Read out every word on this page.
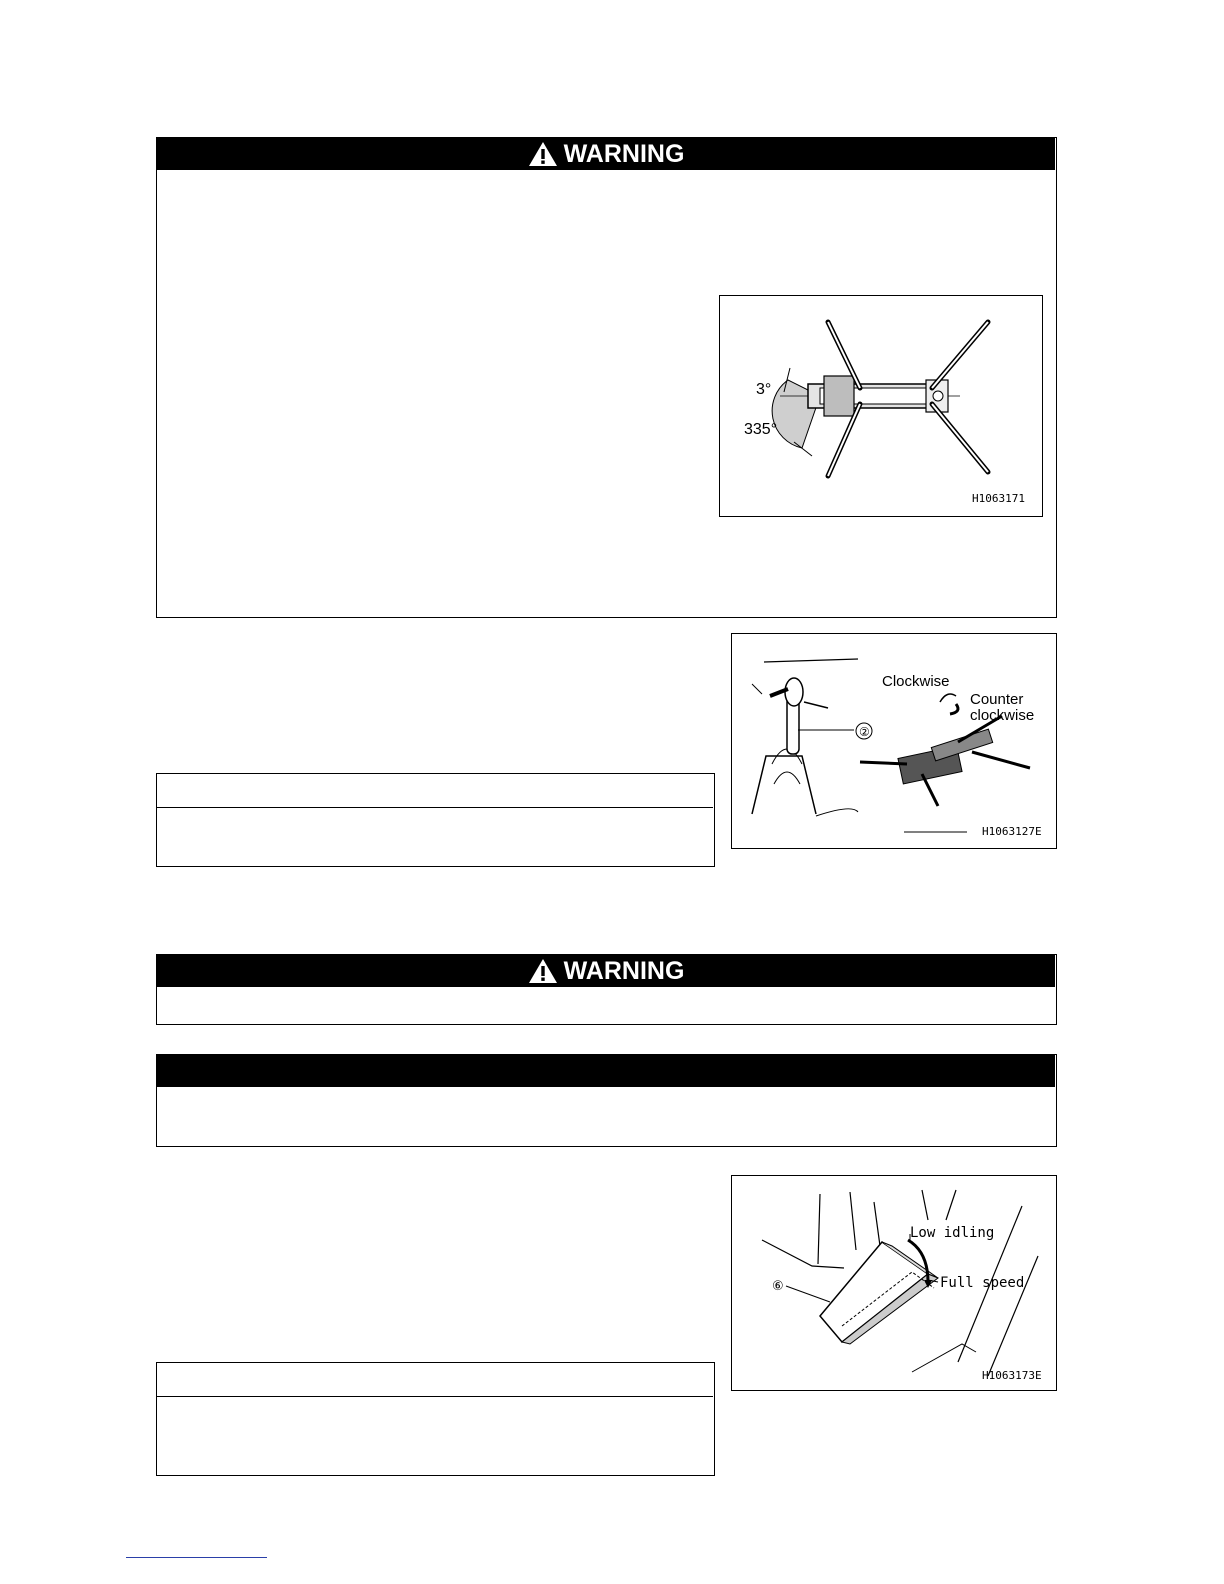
WARNING
3°
335°
H1063171
②
Clockwise
Counter
clockwise
H1063127E
WARNING
Low idling
Full speed
⑥
H1063173E
